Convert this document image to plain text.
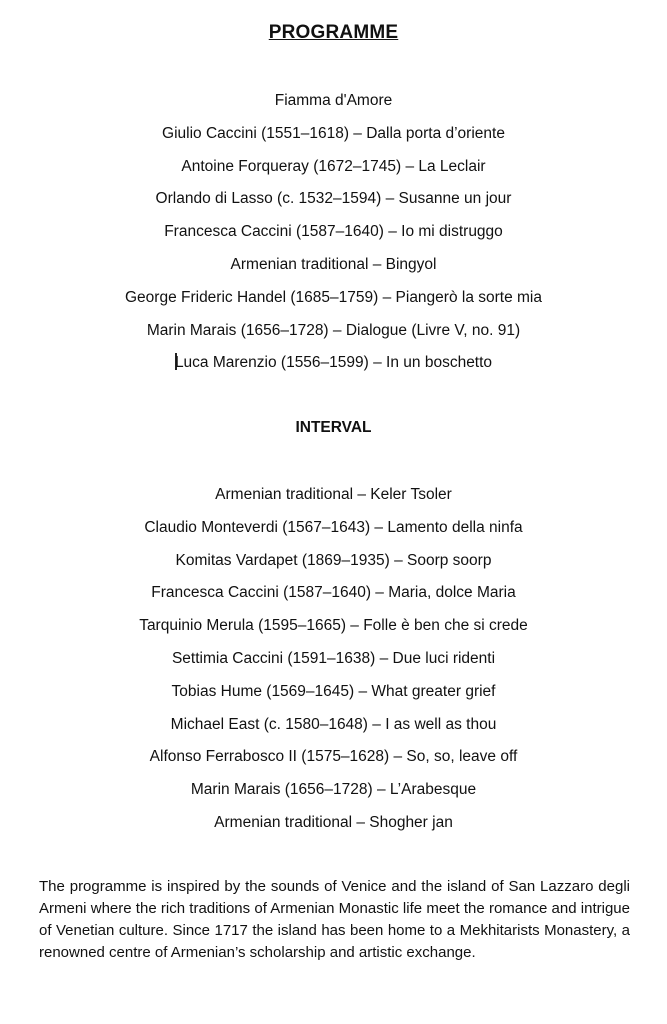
PROGRAMME
Fiamma d'Amore
Giulio Caccini (1551–1618) – Dalla porta d’oriente
Antoine Forqueray (1672–1745) – La Leclair
Orlando di Lasso (c. 1532–1594) – Susanne un jour
Francesca Caccini (1587–1640) – Io mi distruggo
Armenian traditional – Bingyol
George Frideric Handel (1685–1759) – Piangerò la sorte mia
Marin Marais (1656–1728) – Dialogue (Livre V, no. 91)
Luca Marenzio (1556–1599) – In un boschetto
INTERVAL
Armenian traditional – Keler Tsoler
Claudio Monteverdi (1567–1643) – Lamento della ninfa
Komitas Vardapet (1869–1935) – Soorp soorp
Francesca Caccini (1587–1640) – Maria, dolce Maria
Tarquinio Merula (1595–1665) – Folle è ben che si crede
Settimia Caccini (1591–1638) – Due luci ridenti
Tobias Hume (1569–1645) – What greater grief
Michael East (c. 1580–1648) – I as well as thou
Alfonso Ferrabosco II (1575–1628) – So, so, leave off
Marin Marais (1656–1728) – L’Arabesque
Armenian traditional – Shogher jan

The programme is inspired by the sounds of Venice and the island of San Lazzaro degli Armeni where the rich traditions of Armenian Monastic life meet the romance and intrigue of Venetian culture. Since 1717 the island has been home to a Mekhitarists Monastery, a renowned centre of Armenian’s scholarship and artistic exchange.
